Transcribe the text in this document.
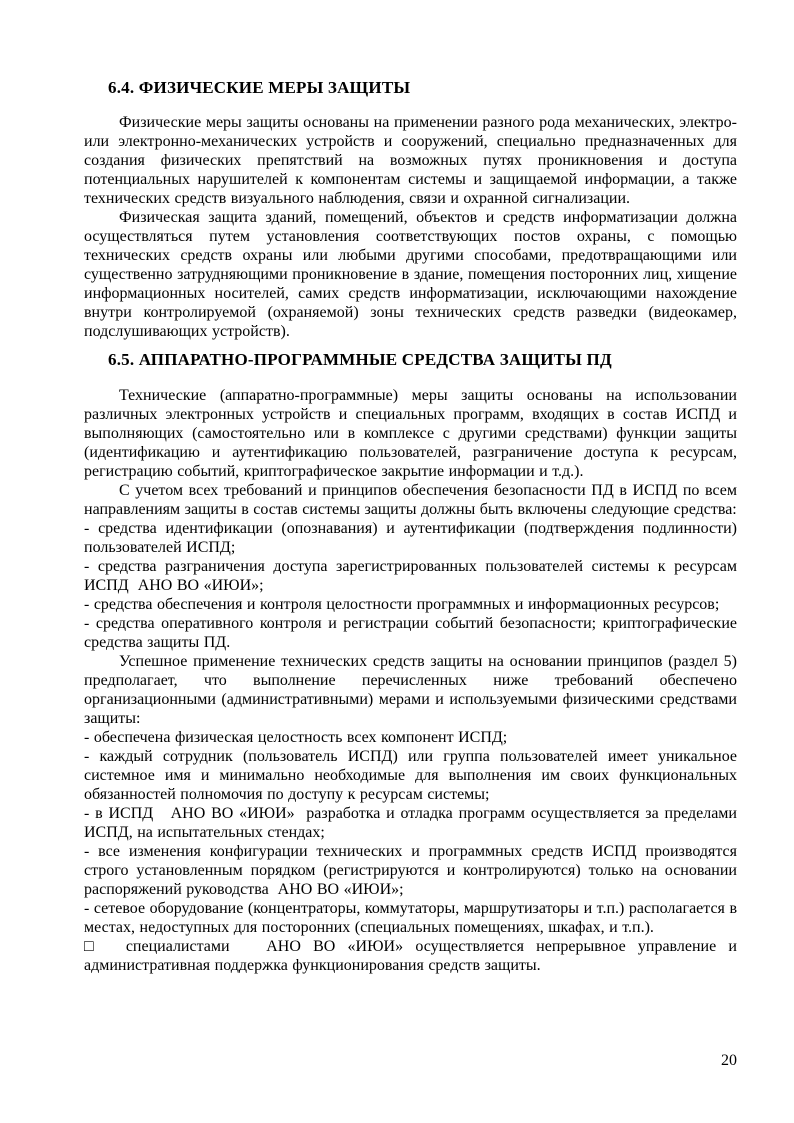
6.4. ФИЗИЧЕСКИЕ МЕРЫ ЗАЩИТЫ

Физические меры защиты основаны на применении разного рода механических, электро- или электронно-механических устройств и сооружений, специально предназначенных для создания физических препятствий на возможных путях проникновения и доступа потенциальных нарушителей к компонентам системы и защищаемой информации, а также технических средств визуального наблюдения, связи и охранной сигнализации.

Физическая защита зданий, помещений, объектов и средств информатизации должна осуществляться путем установления соответствующих постов охраны, с помощью технических средств охраны или любыми другими способами, предотвращающими или существенно затрудняющими проникновение в здание, помещения посторонних лиц, хищение информационных носителей, самих средств информатизации, исключающими нахождение внутри контролируемой (охраняемой) зоны технических средств разведки (видеокамер, подслушивающих устройств).

6.5. АППАРАТНО-ПРОГРАММНЫЕ СРЕДСТВА ЗАЩИТЫ ПД

Технические (аппаратно-программные) меры защиты основаны на использовании различных электронных устройств и специальных программ, входящих в состав ИСПД и выполняющих (самостоятельно или в комплексе с другими средствами) функции защиты (идентификацию и аутентификацию пользователей, разграничение доступа к ресурсам, регистрацию событий, криптографическое закрытие информации и т.д.).

С учетом всех требований и принципов обеспечения безопасности ПД в ИСПД по всем направлениям защиты в состав системы защиты должны быть включены следующие средства:

- средства идентификации (опознавания) и аутентификации (подтверждения подлинности) пользователей ИСПД;

- средства разграничения доступа зарегистрированных пользователей системы к ресурсам ИСПД  АНО ВО «ИЮИ»;

- средства обеспечения и контроля целостности программных и информационных ресурсов;

- средства оперативного контроля и регистрации событий безопасности; криптографические средства защиты ПД.

Успешное применение технических средств защиты на основании принципов (раздел 5) предполагает, что выполнение перечисленных ниже требований обеспечено организационными (административными) мерами и используемыми физическими средствами защиты:

- обеспечена физическая целостность всех компонент ИСПД;

- каждый сотрудник (пользователь ИСПД) или группа пользователей имеет уникальное системное имя и минимально необходимые для выполнения им своих функциональных обязанностей полномочия по доступу к ресурсам системы;

- в ИСПД   АНО ВО «ИЮИ»  разработка и отладка программ осуществляется за пределами ИСПД, на испытательных стендах;

- все изменения конфигурации технических и программных средств ИСПД производятся строго установленным порядком (регистрируются и контролируются) только на основании распоряжений руководства  АНО ВО «ИЮИ»;

- сетевое оборудование (концентраторы, коммутаторы, маршрутизаторы и т.п.) располагается в местах, недоступных для посторонних (специальных помещениях, шкафах, и т.п.).

□  специалистами   АНО ВО «ИЮИ» осуществляется непрерывное управление и административная поддержка функционирования средств защиты.

20
